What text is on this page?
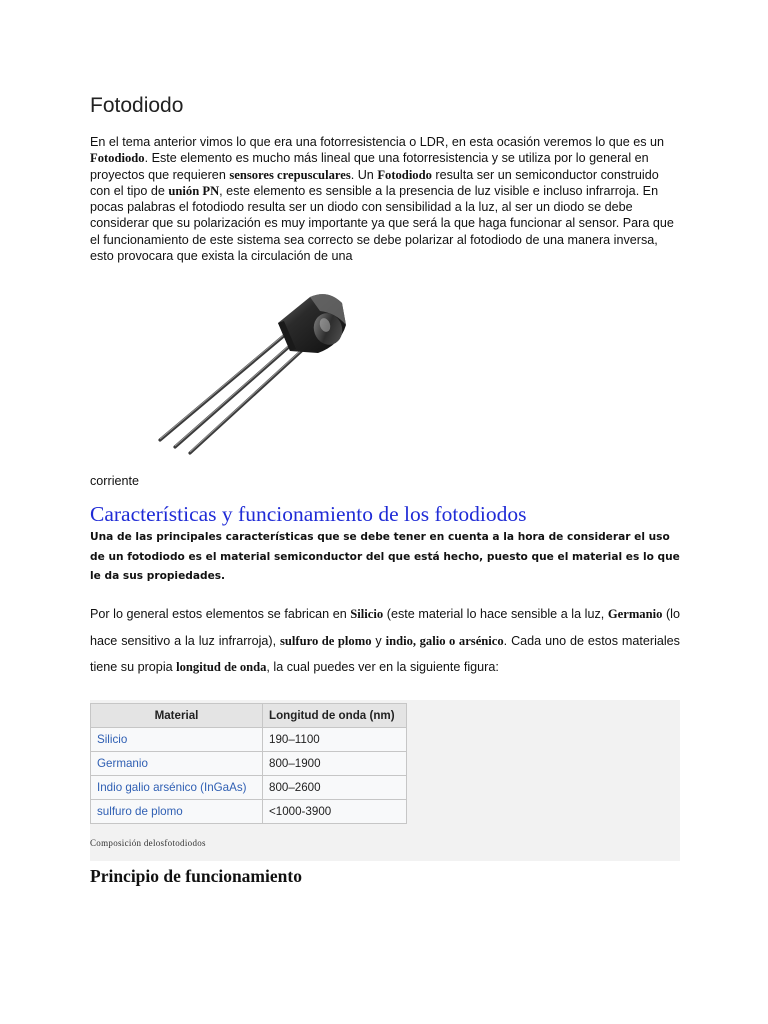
Fotodiodo

En el tema anterior vimos lo que era una fotorresistencia o LDR, en esta ocasión veremos lo que es un Fotodiodo. Este elemento es mucho más lineal que una fotorresistencia y se utiliza por lo general en proyectos que requieren sensores crepusculares. Un Fotodiodo resulta ser un semiconductor construido con el tipo de unión PN, este elemento es sensible a la presencia de luz visible e incluso infrarroja. En pocas palabras el fotodiodo resulta ser un diodo con sensibilidad a la luz, al ser un diodo se debe considerar que su polarización es muy importante ya que será la que haga funcionar al sensor. Para que el funcionamiento de este sistema sea correcto se debe polarizar al fotodiodo de una manera inversa, esto provocara que exista la circulación de una

corriente
Características y funcionamiento de los fotodiodos

Una de las principales características que se debe tener en cuenta a la hora de considerar el uso de un fotodiodo es el material semiconductor del que está hecho, puesto que el material es lo que le da sus propiedades.

Por lo general estos elementos se fabrican en Silicio (este material lo hace sensible a la luz, Germanio (lo hace sensitivo a la luz infrarroja), sulfuro de plomo y indio, galio o arsénico. Cada uno de estos materiales tiene su propia longitud de onda, la cual puedes ver en la siguiente figura:

Material	Longitud de onda (nm)
Silicio	190–1100
Germanio	800–1900
Indio galio arsénico (InGaAs)	800–2600
sulfuro de plomo	<1000-3900
Composición delosfotodiodos
Principio de funcionamiento
